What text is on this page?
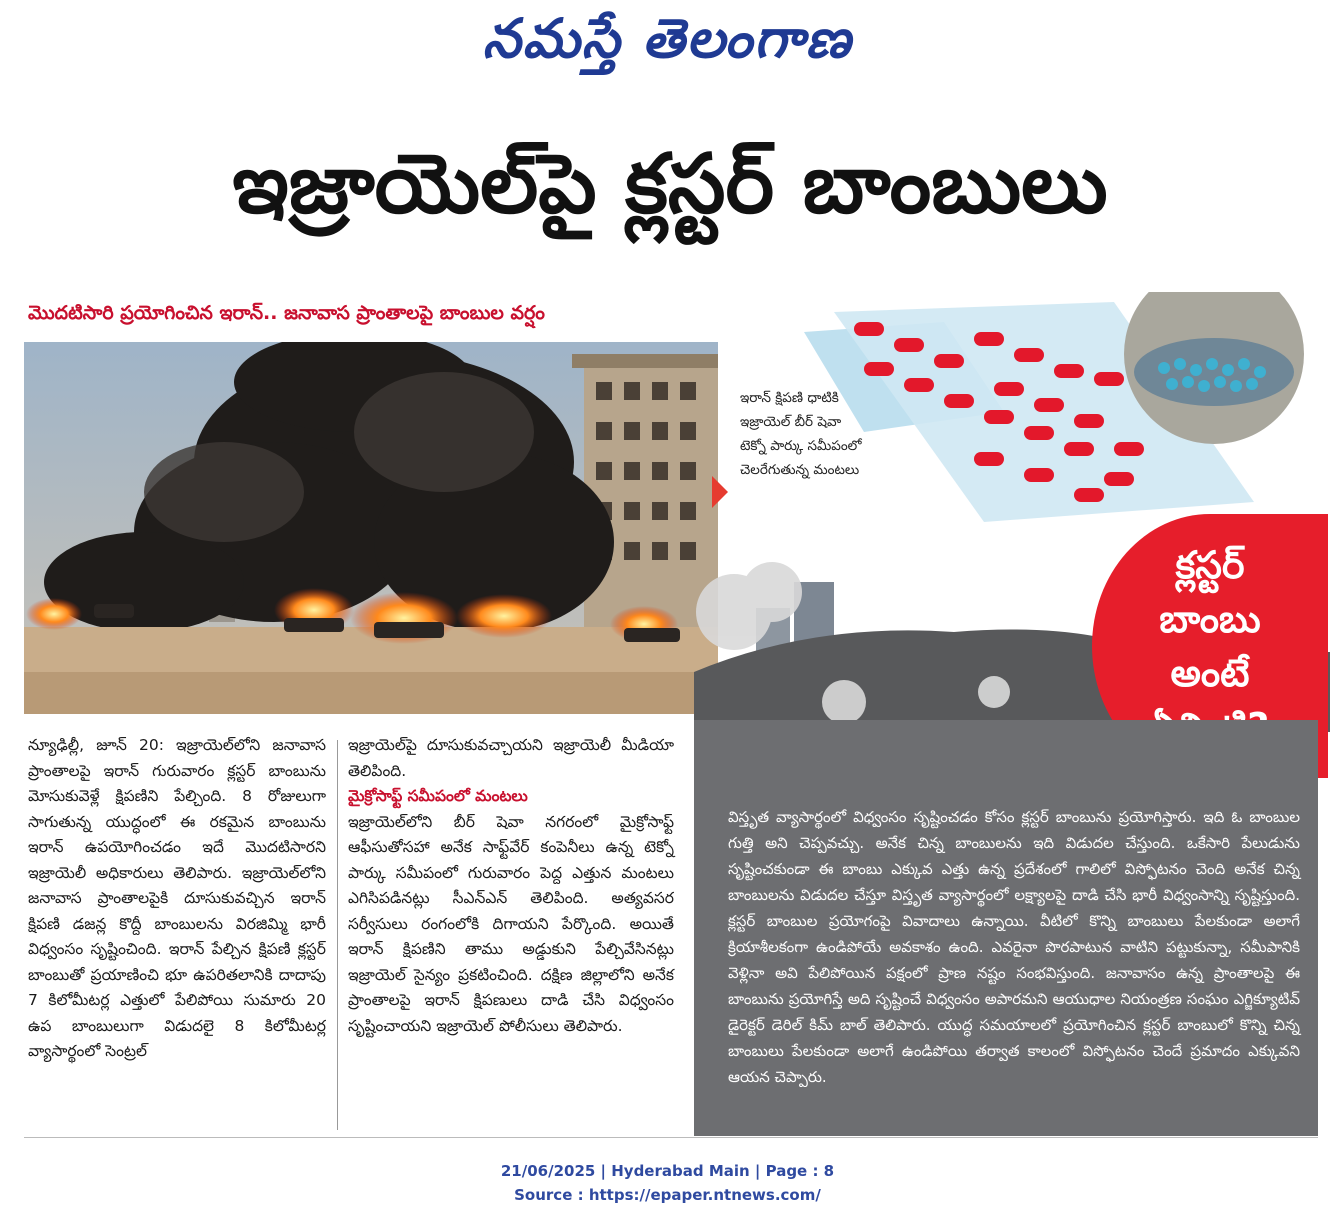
నమస్తే తెలంగాణ
ఇజ్రాయెల్‌పై క్లస్టర్ బాంబులు
మొదటిసారి ప్రయోగించిన ఇరాన్.. జనావాస ప్రాంతాలపై బాంబుల వర్షం
ఇరాన్ క్షిపణి ధాటికి ఇజ్రాయెల్ బీర్ షెవా టెక్నో పార్కు సమీపంలో చెలరేగుతున్న మంటలు
క్లస్టర్
బాంబు
అంటే
న్యూఢిల్లీ, జూన్ 20: ఇజ్రాయెల్‌లోని జనావాస ప్రాంతాలపై ఇరాన్ గురువారం క్లస్టర్ బాంబును మోసుకువెళ్లే క్షిపణిని పేల్చింది. 8 రోజులుగా సాగుతున్న యుద్ధంలో ఈ రకమైన బాంబును ఇరాన్ ఉపయోగించడం ఇదే మొదటిసారని ఇజ్రాయెలీ అధికారులు తెలిపారు. ఇజ్రాయెల్‌లోని జనావాస ప్రాంతాలపైకి దూసుకువచ్చిన ఇరాన్ క్షిపణి డజన్ల కొద్దీ బాంబులను విరజిమ్మి భారీ విధ్వంసం సృష్టించింది. ఇరాన్ పేల్చిన క్షిపణి క్లస్టర్ బాంబుతో ప్రయాణించి భూ ఉపరితలానికి దాదాపు 7 కిలోమీటర్ల ఎత్తులో పేలిపోయి సుమారు 20 ఉప బాంబులుగా విడుదలై 8 కిలోమీటర్ల వ్యాసార్థంలో సెంట్రల్
ఇజ్రాయెల్‌పై దూసుకువచ్చాయని ఇజ్రాయెలీ మీడియా తెలిపింది.
మైక్రోసాఫ్ట్ సమీపంలో మంటలు
ఇజ్రాయెల్‌లోని బీర్ షెవా నగరంలో మైక్రోసాఫ్ట్ ఆఫీసుతోసహా అనేక సాఫ్ట్‌వేర్ కంపెనీలు ఉన్న టెక్నో పార్కు సమీపంలో గురువారం పెద్ద ఎత్తున మంటలు ఎగిసిపడినట్లు సీఎన్ఎన్ తెలిపింది. అత్యవసర సర్వీసులు రంగంలోకి దిగాయని పేర్కొంది. అయితే ఇరాన్ క్షిపణిని తాము అడ్డుకుని పేల్చివేసినట్లు ఇజ్రాయెల్ సైన్యం ప్రకటించింది. దక్షిణ జిల్లాలోని అనేక ప్రాంతాలపై ఇరాన్ క్షిపణులు దాడి చేసి విధ్వంసం సృష్టించాయని ఇజ్రాయెల్ పోలీసులు తెలిపారు.
విస్తృత వ్యాసార్థంలో విధ్వంసం సృష్టించడం కోసం క్లస్టర్ బాంబును ప్రయోగిస్తారు. ఇది ఓ బాంబుల గుత్తి అని చెప్పవచ్చు. అనేక చిన్న బాంబులను ఇది విడుదల చేస్తుంది. ఒకేసారి పేలుడును సృష్టించకుండా ఈ బాంబు ఎక్కువ ఎత్తు ఉన్న ప్రదేశంలో గాలిలో విస్ఫోటనం చెంది అనేక చిన్న బాంబులను విడుదల చేస్తూ విస్తృత వ్యాసార్థంలో లక్ష్యాలపై దాడి చేసి భారీ విధ్వంసాన్ని సృష్టిస్తుంది. క్లస్టర్ బాంబుల ప్రయోగంపై వివాదాలు ఉన్నాయి. వీటిలో కొన్ని బాంబులు పేలకుండా అలాగే క్రియాశీలకంగా ఉండిపోయే అవకాశం ఉంది. ఎవరైనా పొరపాటున వాటిని పట్టుకున్నా, సమీపానికి వెళ్లినా అవి పేలిపోయిన పక్షంలో ప్రాణ నష్టం సంభవిస్తుంది. జనావాసం ఉన్న ప్రాంతాలపై ఈ బాంబును ప్రయోగిస్తే అది సృష్టించే విధ్వంసం అపారమని ఆయుధాల నియంత్రణ సంఘం ఎగ్జిక్యూటివ్ డైరెక్టర్ డెరిల్ కిమ్ బాల్ తెలిపారు. యుద్ధ సమయాలలో ప్రయోగించిన క్లస్టర్ బాంబులో కొన్ని చిన్న బాంబులు పేలకుండా అలాగే ఉండిపోయి తర్వాత కాలంలో విస్ఫోటనం చెందే ప్రమాదం ఎక్కువని ఆయన చెప్పారు.
21/06/2025 | Hyderabad Main | Page : 8
Source : https://epaper.ntnews.com/
